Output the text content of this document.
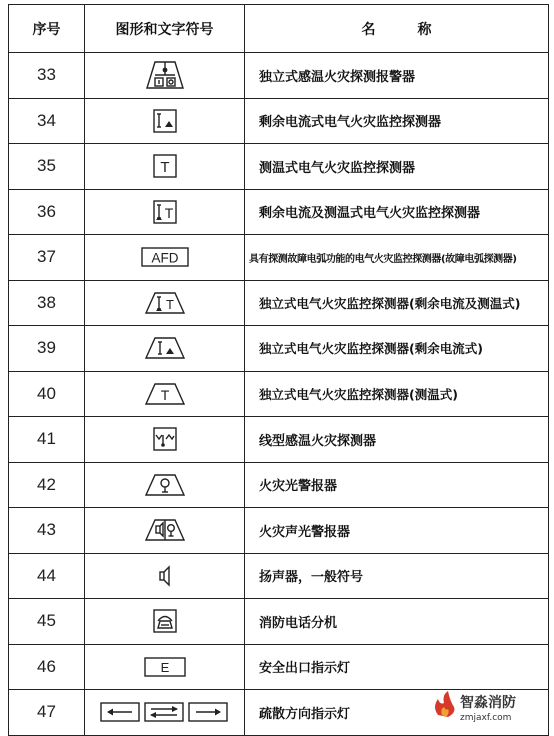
序号	图形和文字符号	名称
33		独立式感温火灾探测报警器
34		剩余电流式电气火灾监控探测器
35	T	测温式电气火灾监控探测器
36	T	剩余电流及测温式电气火灾监控探测器
37	AFD	具有探测故障电弧功能的电气火灾监控探测器(故障电弧探测器)
38	T	独立式电气火灾监控探测器(剩余电流及测温式)
39		独立式电气火灾监控探测器(剩余电流式)
40	T	独立式电气火灾监控探测器(测温式)
41		线型感温火灾探测器
42		火灾光警报器
43		火灾声光警报器
44		扬声器，一般符号
45		消防电话分机
46	E	安全出口指示灯
47		疏散方向指示灯
智淼消防
zmjaxf.com
